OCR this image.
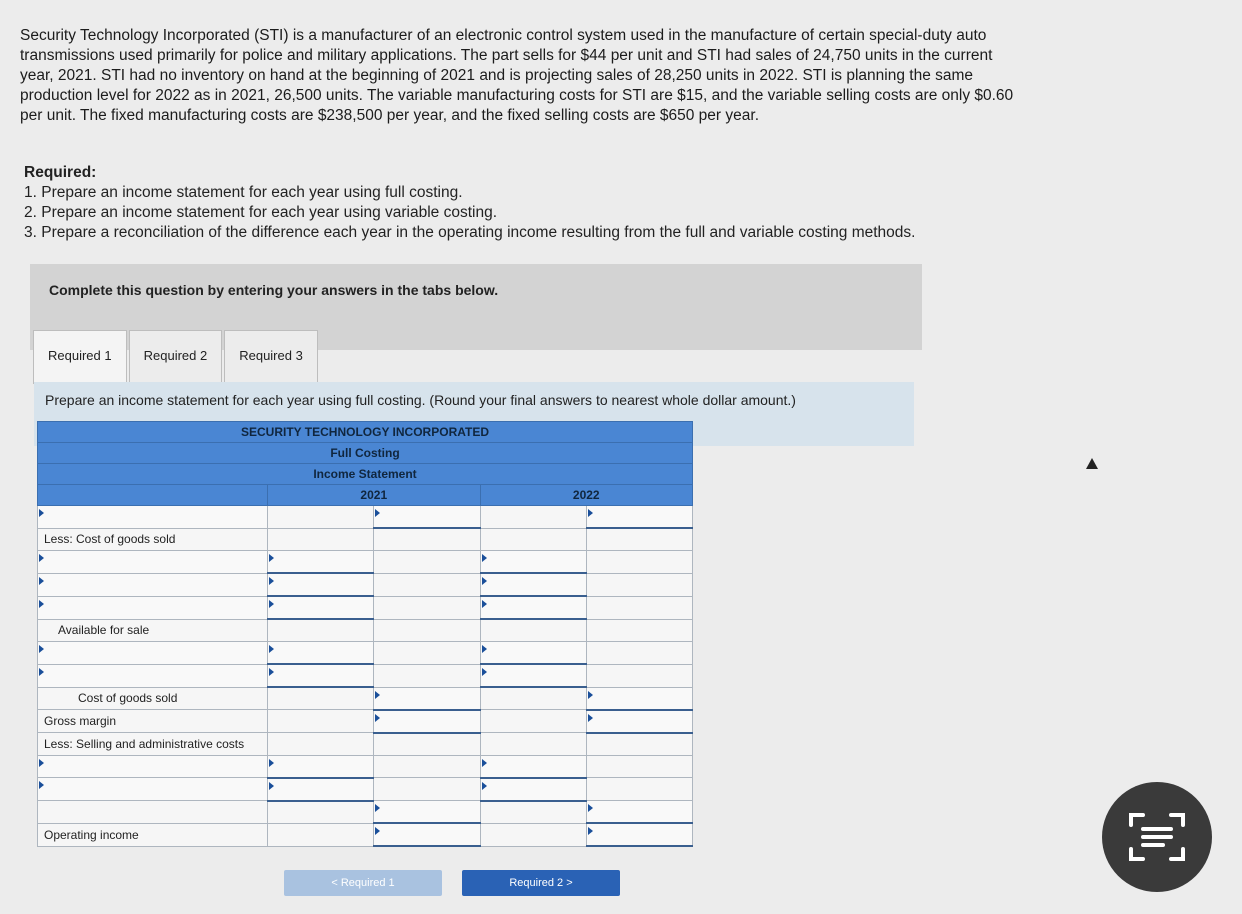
Security Technology Incorporated (STI) is a manufacturer of an electronic control system used in the manufacture of certain special-duty auto transmissions used primarily for police and military applications. The part sells for $44 per unit and STI had sales of 24,750 units in the current year, 2021. STI had no inventory on hand at the beginning of 2021 and is projecting sales of 28,250 units in 2022. STI is planning the same production level for 2022 as in 2021, 26,500 units. The variable manufacturing costs for STI are $15, and the variable selling costs are only $0.60 per unit. The fixed manufacturing costs are $238,500 per year, and the fixed selling costs are $650 per year.

Required:
1. Prepare an income statement for each year using full costing.
2. Prepare an income statement for each year using variable costing.
3. Prepare a reconciliation of the difference each year in the operating income resulting from the full and variable costing methods.
Complete this question by entering your answers in the tabs below.
Required 1	Required 2	Required 3
Prepare an income statement for each year using full costing. (Round your final answers to nearest whole dollar amount.)
SECURITY TECHNOLOGY INCORPORATED				
Full Costing				
Income Statement				
	2021		2022	

Less: Cost of goods sold				

Available for sale				

Cost of goods sold				
Gross margin				
Less: Selling and administrative costs				

Operating income				
< Required 1	Required 2 >
